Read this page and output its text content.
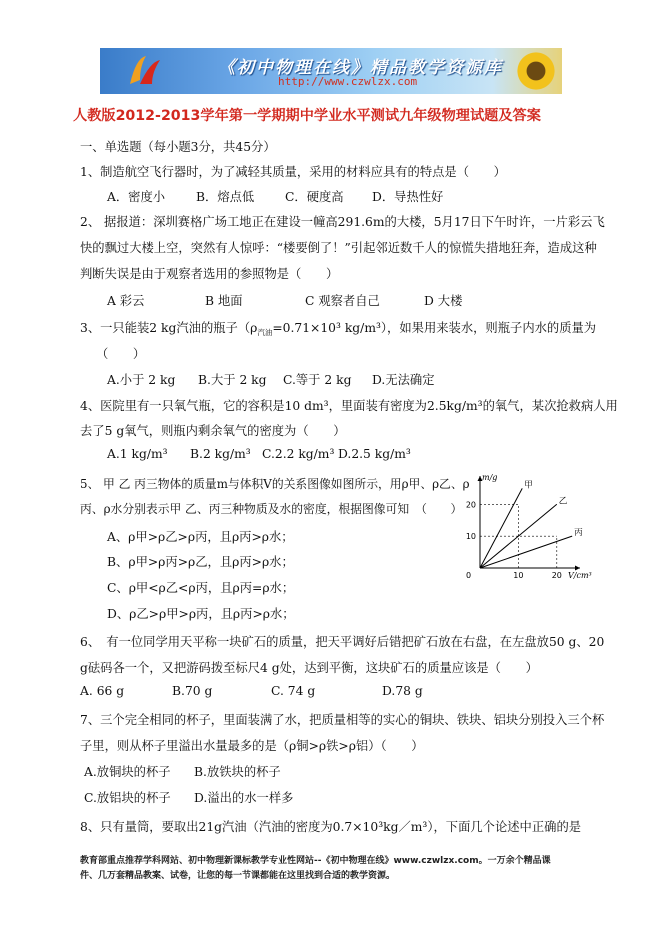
《初中物理在线》精品教学资源库
http://www.czwlzx.com
人教版2012-2013学年第一学期期中学业水平测试九年级物理试题及答案
一、单选题（每小题3分，共45分）
1、制造航空飞行器时，为了减轻其质量，采用的材料应具有的特点是（　　）
A．密度小	B．熔点低	C．硬度高 D．导热性好
2、 据报道：深圳赛格广场工地正在建设一幢高291.6m的大楼，5月17日下午时许，一片彩云飞
快的飘过大楼上空，突然有人惊呼：“楼要倒了！”引起邻近数千人的惊慌失措地狂奔，造成这种
判断失误是由于观察者选用的参照物是（　　）
A 彩云	B 地面	C 观察者自己	D 大楼
3、一只能装2 kg汽油的瓶子（$\rho_{汽油}=0.71\times 10^3$ kg/m³），如果用来装水，则瓶子内水的质量为
（　　）
A.小于 2 kg B.大于 2 kg C.等于 2 kg D.无法确定
4、医院里有一只氧气瓶，它的容积是10 dm³，里面装有密度为2.5kg/m³的氧气，某次抢救病人用
去了5 g氧气，则瓶内剩余氧气的密度为（　　）
A.1 kg/m³ B.2 kg/m³ C.2.2 kg/m³ D.2.5 kg/m³
5、 甲 乙 丙三物体的质量m与体积V的关系图像如图所示，用ρ甲、ρ乙、ρ
丙、ρ水分别表示甲 乙、丙三种物质及水的密度，根据图像可知　（　　）
A、ρ甲>ρ乙>ρ丙，且ρ丙>ρ水；
B、ρ甲>ρ丙>ρ乙，且ρ丙>ρ水；
C、ρ甲<ρ乙<ρ丙，且ρ丙=ρ水；
D、ρ乙>ρ甲>ρ丙，且ρ丙>ρ水；
10
20
10	20
0
m/g
V/cm³
甲
乙
丙
6、　有一位同学用天平称一块矿石的质量，把天平调好后错把矿石放在右盘，在左盘放50 g、20
g砝码各一个，又把游码拨至标尺4 g处，达到平衡，这块矿石的质量应该是（　　）
A. 66 g	B.70 g	C. 74 g	D.78 g
7、三个完全相同的杯子，里面装满了水，把质量相等的实心的铜块、铁块、铝块分别投入三个杯
子里，则从杯子里溢出水量最多的是（ρ铜>ρ铁>ρ铝）（　　）
A.放铜块的杯子 B.放铁块的杯子
C.放铝块的杯子 D.溢出的水一样多
8、只有量筒，要取出21g汽油（汽油的密度为0.7×10³kg／m³），下面几个论述中正确的是
教育部重点推荐学科网站、初中物理新课标教学专业性网站--《初中物理在线》www.czwlzx.com。一万余个精品课
件、几万套精品教案、试卷，让您的每一节课都能在这里找到合适的教学资源。
